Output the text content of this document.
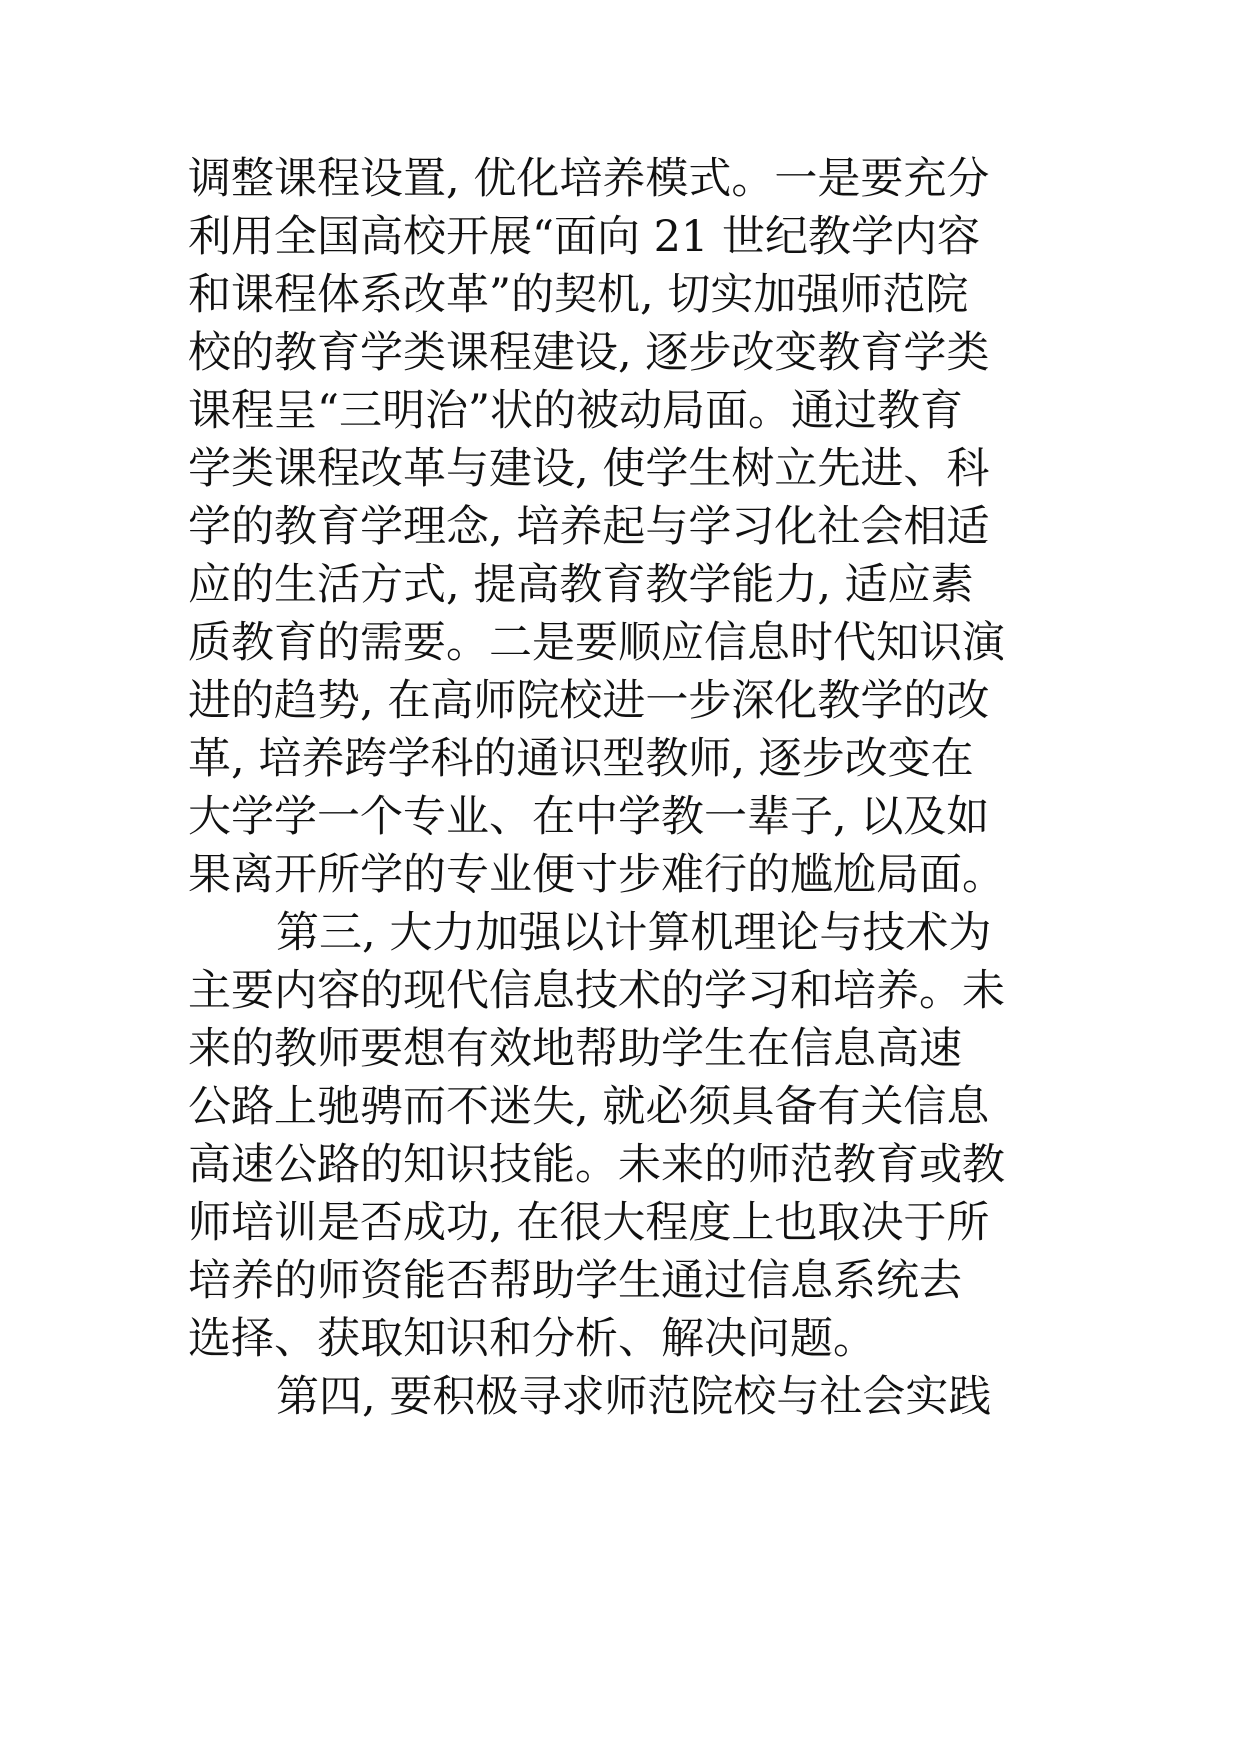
调整课程设置, 优化培养模式。一是要充分
利用全国高校开展“面向 21 世纪教学内容
和课程体系改革”的契机, 切实加强师范院
校的教育学类课程建设, 逐步改变教育学类
课程呈“三明治”状的被动局面。通过教育
学类课程改革与建设, 使学生树立先进、科
学的教育学理念, 培养起与学习化社会相适
应的生活方式, 提高教育教学能力, 适应素
质教育的需要。二是要顺应信息时代知识演
进的趋势, 在高师院校进一步深化教学的改
革, 培养跨学科的通识型教师, 逐步改变在
大学学一个专业、在中学教一辈子, 以及如
果离开所学的专业便寸步难行的尴尬局面。
第三, 大力加强以计算机理论与技术为
主要内容的现代信息技术的学习和培养。未
来的教师要想有效地帮助学生在信息高速
公路上驰骋而不迷失, 就必须具备有关信息
高速公路的知识技能。未来的师范教育或教
师培训是否成功, 在很大程度上也取决于所
培养的师资能否帮助学生通过信息系统去
选择、获取知识和分析、解决问题。
第四, 要积极寻求师范院校与社会实践
